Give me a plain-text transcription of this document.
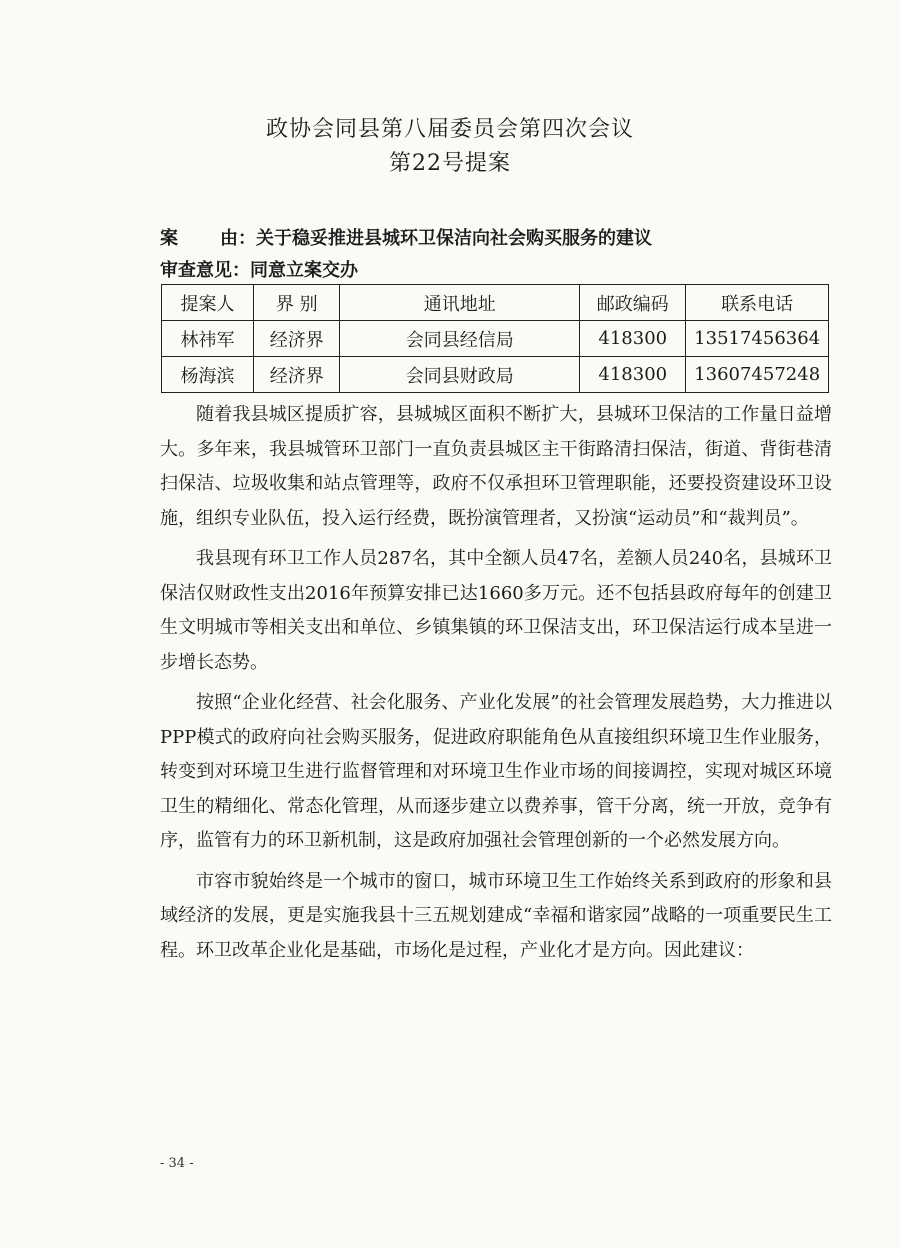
政协会同县第八届委员会第四次会议
第22号提案
案 由：关于稳妥推进县城环卫保洁向社会购买服务的建议
审查意见：同意立案交办
提案人	界 别	通讯地址	邮政编码	联系电话
林祎军	经济界	会同县经信局	418300	13517456364
杨海滨	经济界	会同县财政局	418300	13607457248

随着我县城区提质扩容，县城城区面积不断扩大，县城环卫保洁的工作量日益增大。多年来，我县城管环卫部门一直负责县城区主干街路清扫保洁，街道、背街巷清扫保洁、垃圾收集和站点管理等，政府不仅承担环卫管理职能，还要投资建设环卫设施，组织专业队伍，投入运行经费，既扮演管理者，又扮演“运动员”和“裁判员”。

我县现有环卫工作人员287名，其中全额人员47名，差额人员240名，县城环卫保洁仅财政性支出2016年预算安排已达1660多万元。还不包括县政府每年的创建卫生文明城市等相关支出和单位、乡镇集镇的环卫保洁支出，环卫保洁运行成本呈进一步增长态势。

按照“企业化经营、社会化服务、产业化发展”的社会管理发展趋势，大力推进以PPP模式的政府向社会购买服务，促进政府职能角色从直接组织环境卫生作业服务，转变到对环境卫生进行监督管理和对环境卫生作业市场的间接调控，实现对城区环境卫生的精细化、常态化管理，从而逐步建立以费养事，管干分离，统一开放，竞争有序，监管有力的环卫新机制，这是政府加强社会管理创新的一个必然发展方向。

市容市貌始终是一个城市的窗口，城市环境卫生工作始终关系到政府的形象和县域经济的发展，更是实施我县十三五规划建成“幸福和谐家园”战略的一项重要民生工程。环卫改革企业化是基础，市场化是过程，产业化才是方向。因此建议：

- 34 -
